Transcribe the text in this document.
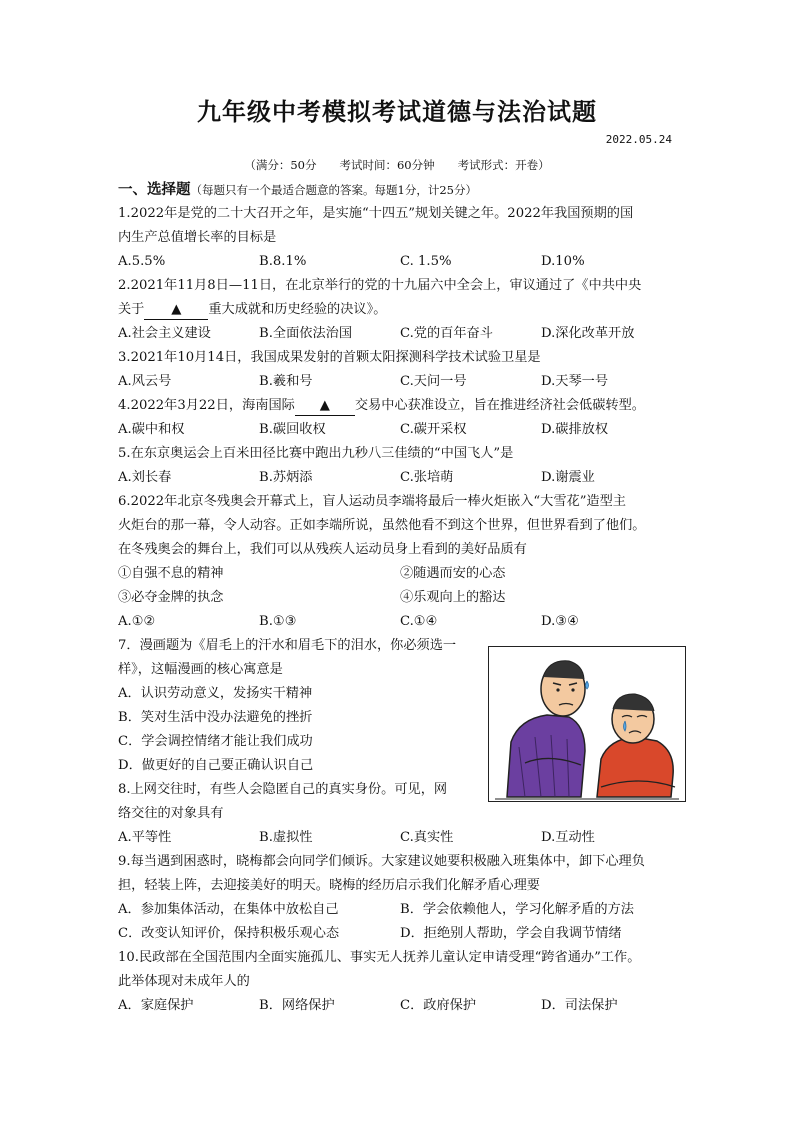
九年级中考模拟考试道德与法治试题
2022.05.24
（满分：50分　　考试时间：60分钟　　考试形式：开卷）
一、选择题（每题只有一个最适合题意的答案。每题1分，计25分）
1.2022年是党的二十大召开之年，是实施“十四五”规划关键之年。2022年我国预期的国
内生产总值增长率的目标是
A.5.5%	B.8.1%	C. 1.5%	D.10%
2.2021年11月8日—11日，在北京举行的党的十九届六中全会上，审议通过了《中共中央
关于 ▲ 重大成就和历史经验的决议》。
A.社会主义建设	B.全面依法治国	C.党的百年奋斗	D.深化改革开放
3.2021年10月14日，我国成果发射的首颗太阳探测科学技术试验卫星是
A.风云号	B.羲和号	C.天问一号	D.天琴一号
4.2022年3月22日，海南国际 ▲ 交易中心获准设立，旨在推进经济社会低碳转型。
A.碳中和权	B.碳回收权	C.碳开采权	D.碳排放权
5.在东京奥运会上百米田径比赛中跑出九秒八三佳绩的“中国飞人”是
A.刘长春	B.苏炳添	C.张培萌	D.谢震业
6.2022年北京冬残奥会开幕式上，盲人运动员李端将最后一棒火炬嵌入“大雪花”造型主
火炬台的那一幕，令人动容。正如李端所说，虽然他看不到这个世界，但世界看到了他们。
在冬残奥会的舞台上，我们可以从残疾人运动员身上看到的美好品质有
①自强不息的精神	②随遇而安的心态
③必夺金牌的执念	④乐观向上的豁达
A.①②	B.①③	C.①④	D.③④
7．漫画题为《眉毛上的汗水和眉毛下的泪水，你必须选一
样》，这幅漫画的核心寓意是
A．认识劳动意义，发扬实干精神
B．笑对生活中没办法避免的挫折
C．学会调控情绪才能让我们成功
D．做更好的自己要正确认识自己
8.上网交往时，有些人会隐匿自己的真实身份。可见，网
络交往的对象具有
A.平等性	B.虚拟性	C.真实性	D.互动性
9.每当遇到困惑时，晓梅都会向同学们倾诉。大家建议她要积极融入班集体中，卸下心理负
担，轻装上阵，去迎接美好的明天。晓梅的经历启示我们化解矛盾心理要
A．参加集体活动，在集体中放松自己	B．学会依赖他人，学习化解矛盾的方法
C．改变认知评价，保持积极乐观心态	D．拒绝别人帮助，学会自我调节情绪
10.民政部在全国范围内全面实施孤儿、事实无人抚养儿童认定申请受理“跨省通办”工作。
此举体现对未成年人的
A．家庭保护	B．网络保护	C．政府保护	D．司法保护
